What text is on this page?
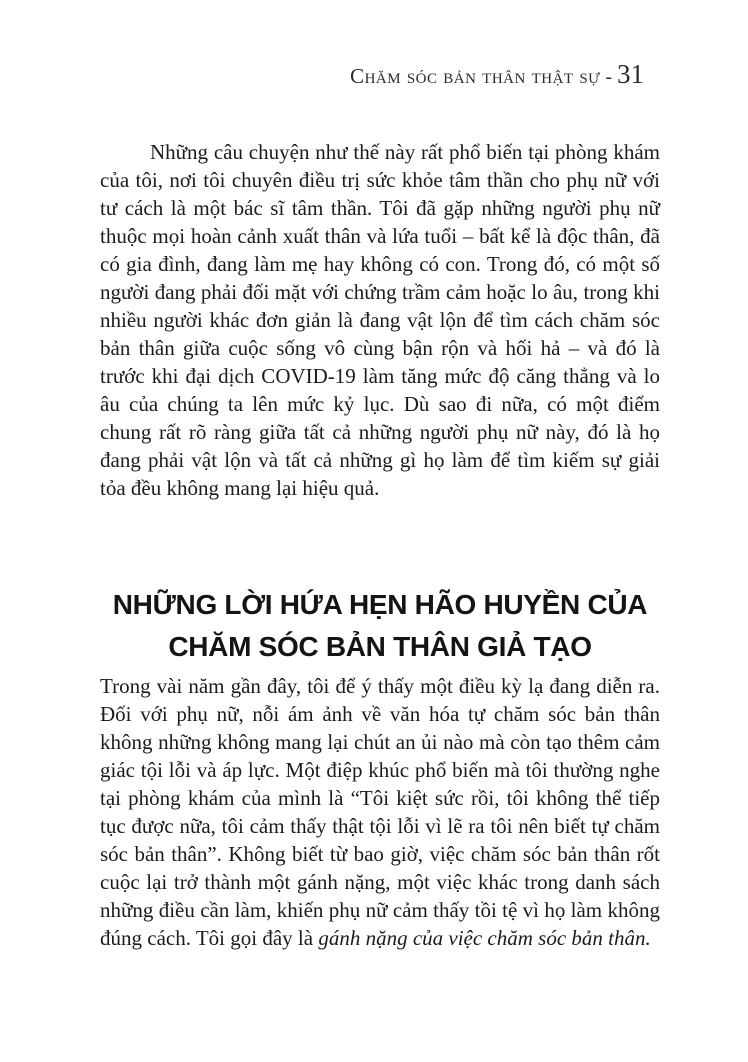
Chăm sóc bản thân thật sự - 31

Những câu chuyện như thế này rất phổ biến tại phòng khám của tôi, nơi tôi chuyên điều trị sức khỏe tâm thần cho phụ nữ với tư cách là một bác sĩ tâm thần. Tôi đã gặp những người phụ nữ thuộc mọi hoàn cảnh xuất thân và lứa tuổi – bất kể là độc thân, đã có gia đình, đang làm mẹ hay không có con. Trong đó, có một số người đang phải đối mặt với chứng trầm cảm hoặc lo âu, trong khi nhiều người khác đơn giản là đang vật lộn để tìm cách chăm sóc bản thân giữa cuộc sống vô cùng bận rộn và hối hả – và đó là trước khi đại dịch COVID-19 làm tăng mức độ căng thẳng và lo âu của chúng ta lên mức kỷ lục. Dù sao đi nữa, có một điểm chung rất rõ ràng giữa tất cả những người phụ nữ này, đó là họ đang phải vật lộn và tất cả những gì họ làm để tìm kiếm sự giải tỏa đều không mang lại hiệu quả.

NHỮNG LỜI HỨA HẸN HÃO HUYỀN CỦA
CHĂM SÓC BẢN THÂN GIẢ TẠO

Trong vài năm gần đây, tôi để ý thấy một điều kỳ lạ đang diễn ra. Đối với phụ nữ, nỗi ám ảnh về văn hóa tự chăm sóc bản thân không những không mang lại chút an ủi nào mà còn tạo thêm cảm giác tội lỗi và áp lực. Một điệp khúc phổ biến mà tôi thường nghe tại phòng khám của mình là “Tôi kiệt sức rồi, tôi không thể tiếp tục được nữa, tôi cảm thấy thật tội lỗi vì lẽ ra tôi nên biết tự chăm sóc bản thân”. Không biết từ bao giờ, việc chăm sóc bản thân rốt cuộc lại trở thành một gánh nặng, một việc khác trong danh sách những điều cần làm, khiến phụ nữ cảm thấy tồi tệ vì họ làm không đúng cách. Tôi gọi đây là gánh nặng của việc chăm sóc bản thân.
